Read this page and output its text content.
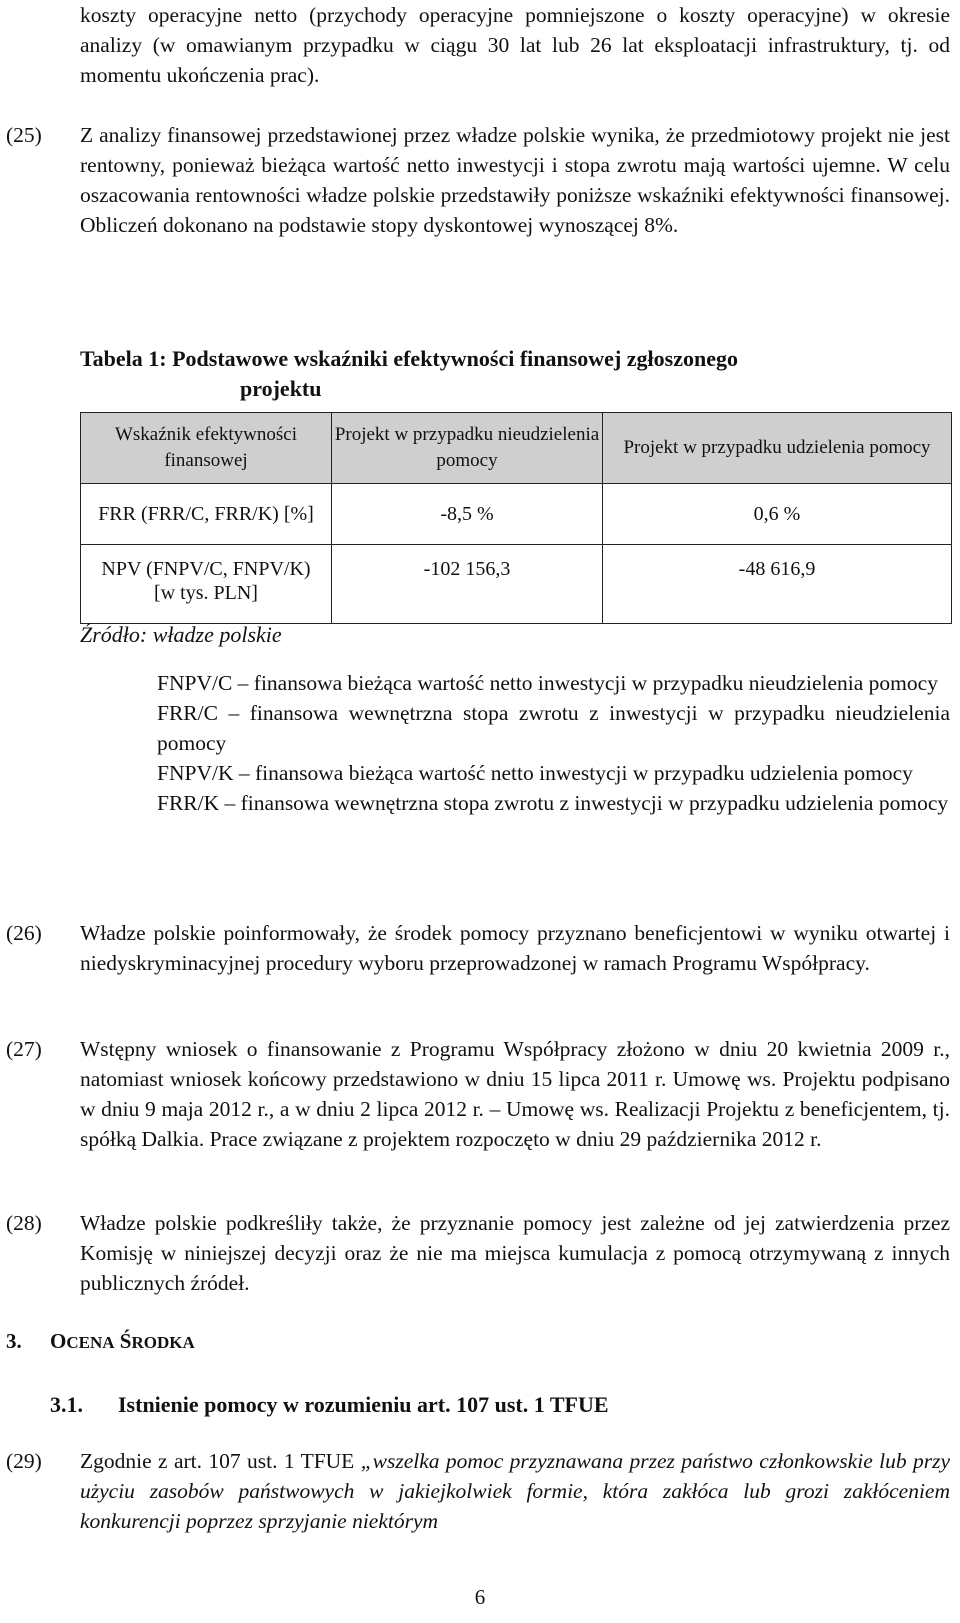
koszty operacyjne netto (przychody operacyjne pomniejszone o koszty operacyjne) w okresie analizy (w omawianym przypadku w ciągu 30 lat lub 26 lat eksploatacji infrastruktury, tj. od momentu ukończenia prac).
(25) Z analizy finansowej przedstawionej przez władze polskie wynika, że przedmiotowy projekt nie jest rentowny, ponieważ bieżąca wartość netto inwestycji i stopa zwrotu mają wartości ujemne. W celu oszacowania rentowności władze polskie przedstawiły poniższe wskaźniki efektywności finansowej. Obliczeń dokonano na podstawie stopy dyskontowej wynoszącej 8%.
Tabela 1: Podstawowe wskaźniki efektywności finansowej zgłoszonego
projektu
Wskaźnik efektywności finansowej	Projekt w przypadku nieudzielenia pomocy	Projekt w przypadku udzielenia pomocy
FRR (FRR/C, FRR/K) [%]	-8,5 %	0,6 %
NPV (FNPV/C, FNPV/K) [w tys. PLN]	-102 156,3	-48 616,9
Źródło: władze polskie
FNPV/C – finansowa bieżąca wartość netto inwestycji w przypadku nieudzielenia pomocy
FRR/C – finansowa wewnętrzna stopa zwrotu z inwestycji w przypadku nieudzielenia pomocy
FNPV/K – finansowa bieżąca wartość netto inwestycji w przypadku udzielenia pomocy
FRR/K – finansowa wewnętrzna stopa zwrotu z inwestycji w przypadku udzielenia pomocy
(26) Władze polskie poinformowały, że środek pomocy przyznano beneficjentowi w wyniku otwartej i niedyskryminacyjnej procedury wyboru przeprowadzonej w ramach Programu Współpracy.
(27) Wstępny wniosek o finansowanie z Programu Współpracy złożono w dniu 20 kwietnia 2009 r., natomiast wniosek końcowy przedstawiono w dniu 15 lipca 2011 r. Umowę ws. Projektu podpisano w dniu 9 maja 2012 r., a w dniu 2 lipca 2012 r. – Umowę ws. Realizacji Projektu z beneficjentem, tj. spółką Dalkia. Prace związane z projektem rozpoczęto w dniu 29 października 2012 r.
(28) Władze polskie podkreśliły także, że przyznanie pomocy jest zależne od jej zatwierdzenia przez Komisję w niniejszej decyzji oraz że nie ma miejsca kumulacja z pomocą otrzymywaną z innych publicznych źródeł.
3. OCENA ŚRODKA
3.1. Istnienie pomocy w rozumieniu art. 107 ust. 1 TFUE
(29) Zgodnie z art. 107 ust. 1 TFUE „wszelka pomoc przyznawana przez państwo członkowskie lub przy użyciu zasobów państwowych w jakiejkolwiek formie, która zakłóca lub grozi zakłóceniem konkurencji poprzez sprzyjanie niektórym
6
